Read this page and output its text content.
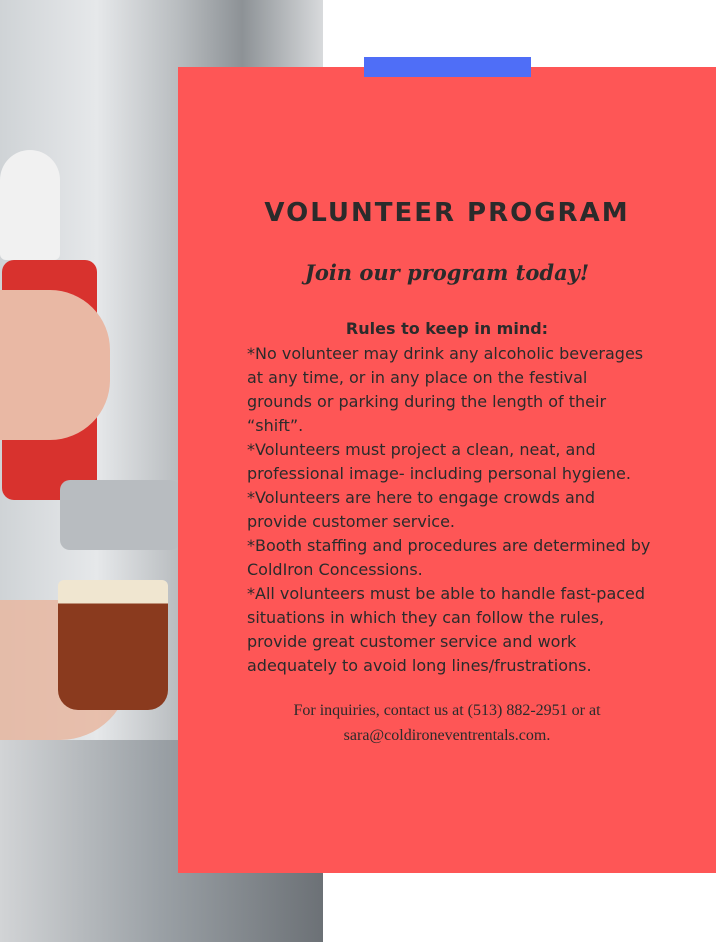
VOLUNTEER PROGRAM
Join our program today!
Rules to keep in mind:
*No volunteer may drink any alcoholic beverages at any time, or in any place on the festival grounds or parking during the length of their “shift”.
*Volunteers must project a clean, neat, and professional image- including personal hygiene.
*Volunteers are here to engage crowds and provide customer service.
*Booth staffing and procedures are determined by ColdIron Concessions.
*All volunteers must be able to handle fast-paced situations in which they can follow the rules, provide great customer service and work adequately to avoid long lines/frustrations.
For inquiries, contact us at (513) 882-2951 or at
sara@coldironeventrentals.com.
